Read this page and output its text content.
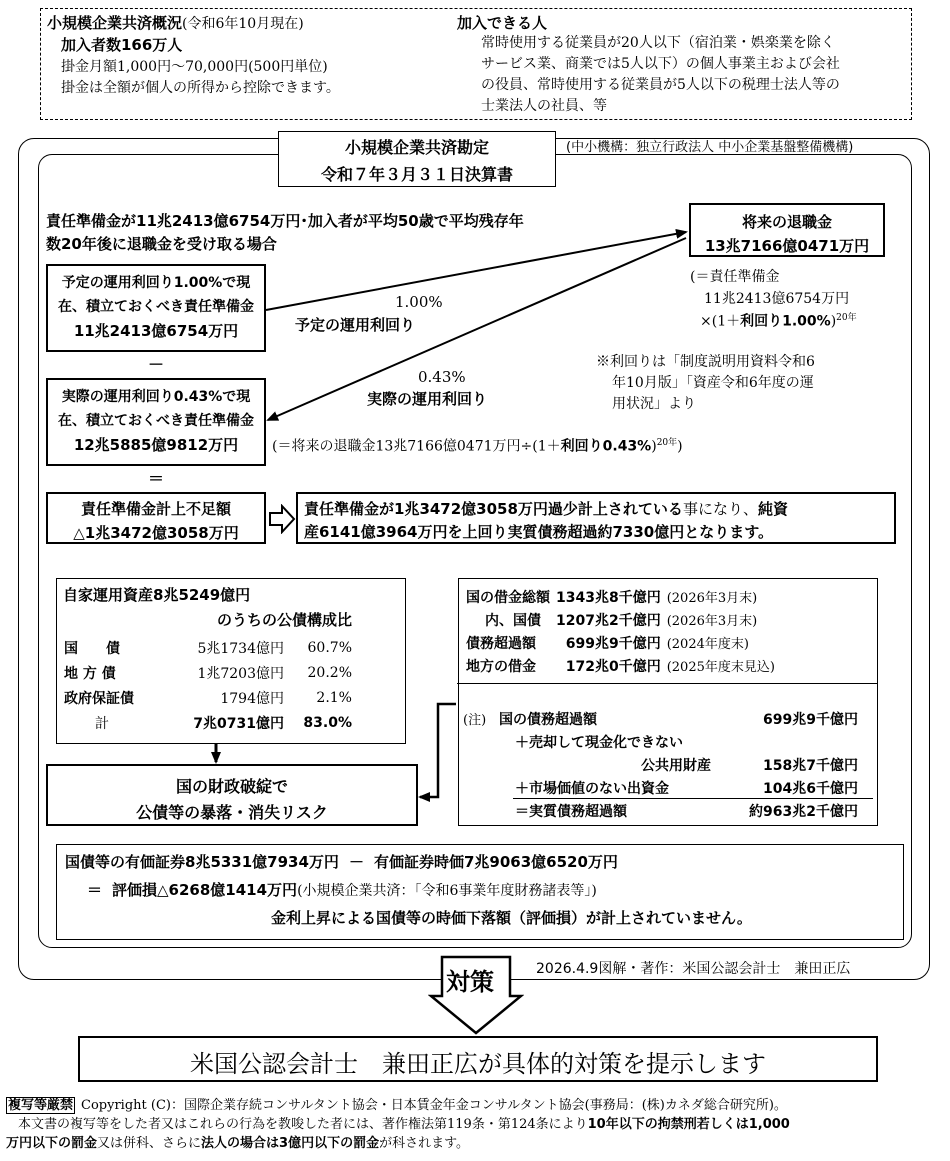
小規模企業共済概況(令和6年10月現在)
加入者数166万人
掛金月額1,000円～70,000円(500円単位)
掛金は全額が個人の所得から控除できます。
加入できる人
常時使用する従業員が20人以下（宿泊業・娯楽業を除く
サービス業、商業では5人以下）の個人事業主および会社
の役員、常時使用する従業員が5人以下の税理士法人等の
士業法人の社員、等
小規模企業共済勘定
令和７年３月３１日決算書
(中小機構：独立行政法人 中小企業基盤整備機構)
責任準備金が11兆2413億6754万円･加入者が平均50歳で平均残存年
数20年後に退職金を受け取る場合
将来の退職金
13兆7166億0471万円
(＝責任準備金
11兆2413億6754万円
×(1＋利回り1.00%)$^{20年}$
予定の運用利回り1.00%で現
在、積立ておくべき責任準備金
11兆2413億6754万円
1.00%
予定の運用利回り
0.43%
実際の運用利回り
※利回りは「制度説明用資料令和6
年10月版」「資産令和6年度の運
用状況」より
－
実際の運用利回り0.43%で現
在、積立ておくべき責任準備金
12兆5885億9812万円	(＝将来の退職金13兆7166億0471万円÷(1＋利回り0.43%)$^{20年}$)
＝
責任準備金計上不足額
△1兆3472億3058万円
責任準備金が1兆3472億3058万円過少計上されている事になり、純資
産6141億3964万円を上回り実質債務超過約7330億円となります。
自家運用資産8兆5249億円
のうちの公債構成比
国　　債	5兆1734億円	60.7%
地 方 債	1兆7203億円	20.2%
政府保証債	1794億円	2.1%
計	7兆0731億円	83.0%
国の財政破綻で
公債等の暴落・消失リスク
国の借金総額	1343兆8千億円	(2026年3月末)
内、国債	1207兆2千億円	(2026年3月末)
債務超過額	699兆9千億円	(2024年度末)
地方の借金	172兆0千億円	(2025年度末見込)
(注) 国の債務超過額	699兆9千億円
＋売却して現金化できない
公共用財産	158兆7千億円
＋市場価値のない出資金	104兆6千億円
＝実質債務超過額	約963兆2千億円
国債等の有価証券8兆5331億7934万円 － 有価証券時価7兆9063億6520万円
＝ 評価損△6268億1414万円(小規模企業共済：「令和6事業年度財務諸表等」)
金利上昇による国債等の時価下落額（評価損）が計上されていません。
2026.4.9図解・著作：米国公認会計士　兼田正広
対策
米国公認会計士　兼田正広が具体的対策を提示します
複写等厳禁 Copyright (C)：国際企業存続コンサルタント協会・日本賃金年金コンサルタント協会(事務局：(株)カネダ総合研究所)。
本文書の複写等をした者又はこれらの行為を教唆した者には、著作権法第119条・第124条により10年以下の拘禁刑若しくは1,000
万円以下の罰金又は併科、さらに法人の場合は3億円以下の罰金が科されます。
